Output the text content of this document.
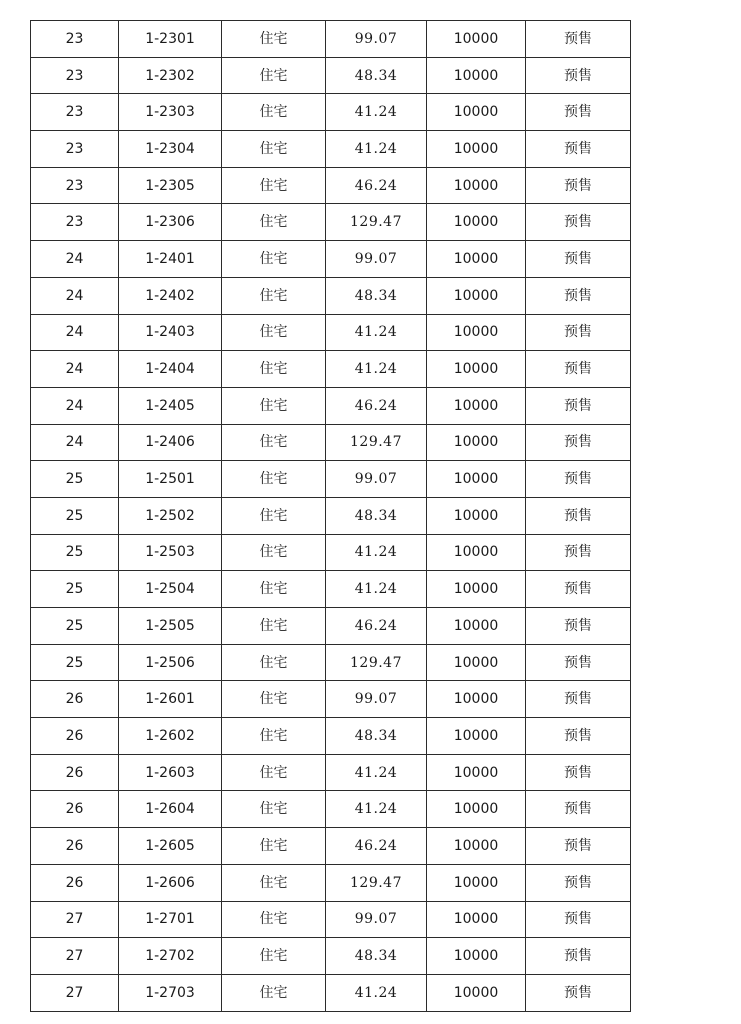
23	1-2301	住宅	99.07	10000	预售
23	1-2302	住宅	48.34	10000	预售
23	1-2303	住宅	41.24	10000	预售
23	1-2304	住宅	41.24	10000	预售
23	1-2305	住宅	46.24	10000	预售
23	1-2306	住宅	129.47	10000	预售
24	1-2401	住宅	99.07	10000	预售
24	1-2402	住宅	48.34	10000	预售
24	1-2403	住宅	41.24	10000	预售
24	1-2404	住宅	41.24	10000	预售
24	1-2405	住宅	46.24	10000	预售
24	1-2406	住宅	129.47	10000	预售
25	1-2501	住宅	99.07	10000	预售
25	1-2502	住宅	48.34	10000	预售
25	1-2503	住宅	41.24	10000	预售
25	1-2504	住宅	41.24	10000	预售
25	1-2505	住宅	46.24	10000	预售
25	1-2506	住宅	129.47	10000	预售
26	1-2601	住宅	99.07	10000	预售
26	1-2602	住宅	48.34	10000	预售
26	1-2603	住宅	41.24	10000	预售
26	1-2604	住宅	41.24	10000	预售
26	1-2605	住宅	46.24	10000	预售
26	1-2606	住宅	129.47	10000	预售
27	1-2701	住宅	99.07	10000	预售
27	1-2702	住宅	48.34	10000	预售
27	1-2703	住宅	41.24	10000	预售
